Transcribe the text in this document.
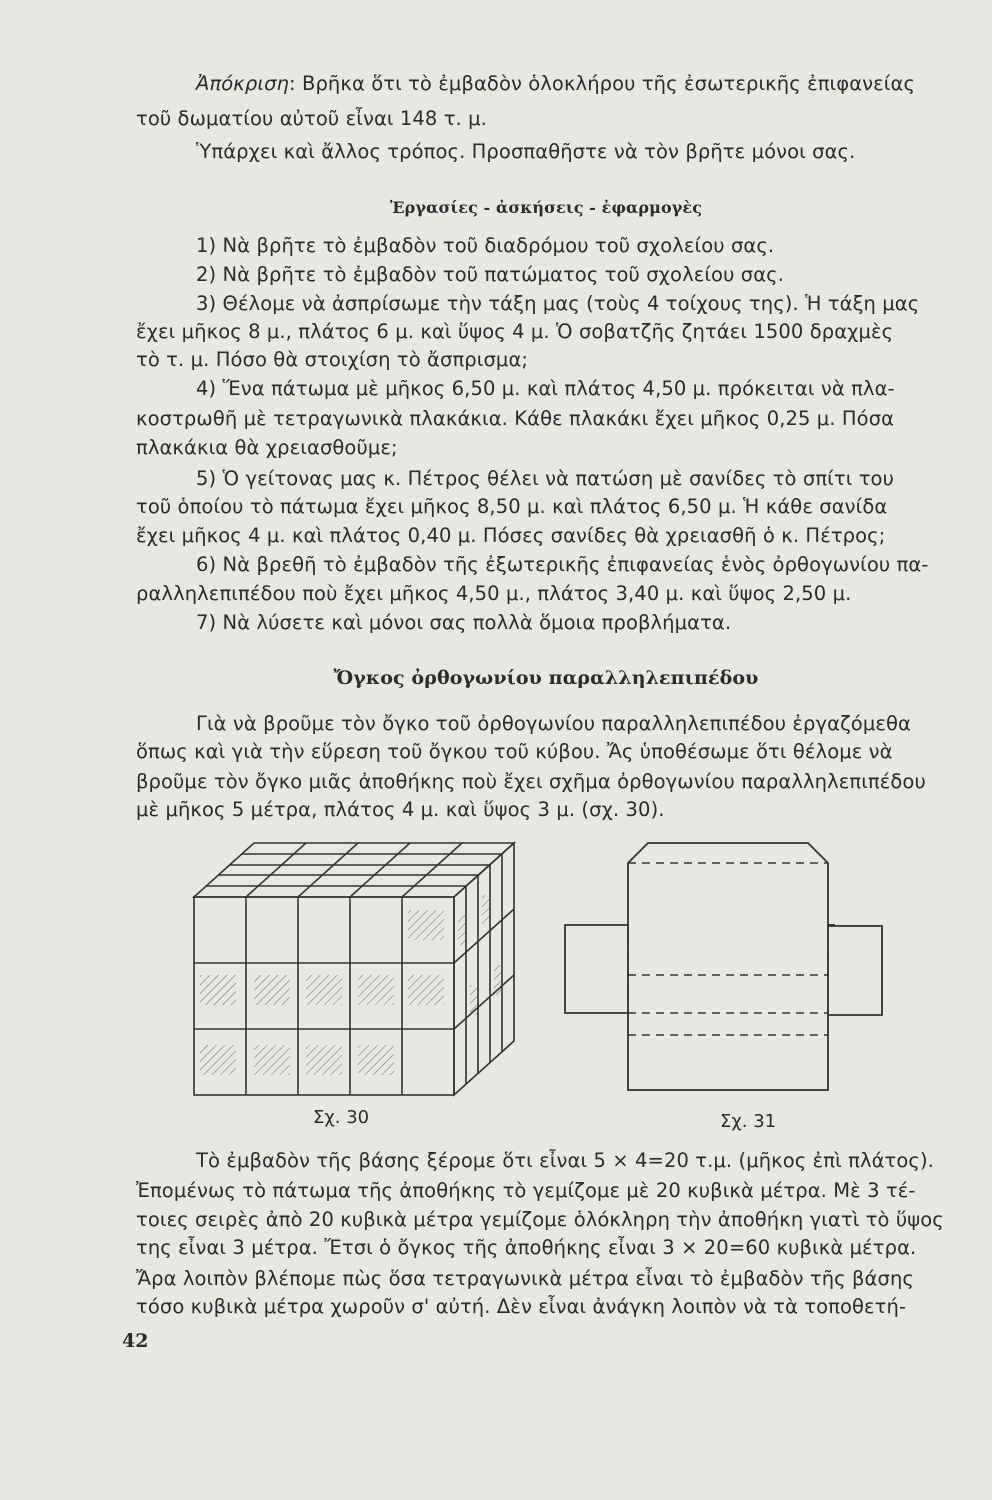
Ἀπόκριση: Βρῆκα ὅτι τὸ ἐμβαδὸν ὁλοκλήρου τῆς ἐσωτερικῆς ἐπιφανείας
τοῦ δωματίου αὐτοῦ εἶναι 148 τ. μ.
Ὑπάρχει καὶ ἄλλος τρόπος. Προσπαθῆστε νὰ τὸν βρῆτε μόνοι σας.
Ἐργασίες - ἀσκήσεις - ἐφαρμογὲς
1) Νὰ βρῆτε τὸ ἐμβαδὸν τοῦ διαδρόμου τοῦ σχολείου σας.
2) Νὰ βρῆτε τὸ ἐμβαδὸν τοῦ πατώματος τοῦ σχολείου σας.
3) Θέλομε νὰ ἀσπρίσωμε τὴν τάξη μας (τοὺς 4 τοίχους της). Ἡ τάξη μας
ἔχει μῆκος 8 μ., πλάτος 6 μ. καὶ ὕψος 4 μ. Ὁ σοβατζῆς ζητάει 1500 δραχμὲς
τὸ τ. μ. Πόσο θὰ στοιχίση τὸ ἄσπρισμα;
4) Ἕνα πάτωμα μὲ μῆκος 6,50 μ. καὶ πλάτος 4,50 μ. πρόκειται νὰ πλα-
κοστρωθῆ μὲ τετραγωνικὰ πλακάκια. Κάθε πλακάκι ἔχει μῆκος 0,25 μ. Πόσα
πλακάκια θὰ χρειασθοῦμε;
5) Ὁ γείτονας μας κ. Πέτρος θέλει νὰ πατώση μὲ σανίδες τὸ σπίτι του
τοῦ ὁποίου τὸ πάτωμα ἔχει μῆκος 8,50 μ. καὶ πλάτος 6,50 μ. Ἡ κάθε σανίδα
ἔχει μῆκος 4 μ. καὶ πλάτος 0,40 μ. Πόσες σανίδες θὰ χρειασθῆ ὁ κ. Πέτρος;
6) Νὰ βρεθῆ τὸ ἐμβαδὸν τῆς ἐξωτερικῆς ἐπιφανείας ἑνὸς ὀρθογωνίου πα-
ραλληλεπιπέδου ποὺ ἔχει μῆκος 4,50 μ., πλάτος 3,40 μ. καὶ ὕψος 2,50 μ.
7) Νὰ λύσετε καὶ μόνοι σας πολλὰ ὅμοια προβλήματα.
Ὄγκος ὀρθογωνίου παραλληλεπιπέδου
Γιὰ νὰ βροῦμε τὸν ὄγκο τοῦ ὀρθογωνίου παραλληλεπιπέδου ἐργαζόμεθα
ὅπως καὶ γιὰ τὴν εὕρεση τοῦ ὄγκου τοῦ κύβου. Ἄς ὑποθέσωμε ὅτι θέλομε νὰ
βροῦμε τὸν ὄγκο μιᾶς ἀποθήκης ποὺ ἔχει σχῆμα ὀρθογωνίου παραλληλεπιπέδου
μὲ μῆκος 5 μέτρα, πλάτος 4 μ. καὶ ὕψος 3 μ. (σχ. 30).
Σχ. 30	Σχ. 31
Τὸ ἐμβαδὸν τῆς βάσης ξέρομε ὅτι εἶναι 5 × 4=20 τ.μ. (μῆκος ἐπὶ πλάτος).
Ἐπομένως τὸ πάτωμα τῆς ἀποθήκης τὸ γεμίζομε μὲ 20 κυβικὰ μέτρα. Μὲ 3 τέ-
τοιες σειρὲς ἀπὸ 20 κυβικὰ μέτρα γεμίζομε ὁλόκληρη τὴν ἀποθήκη γιατὶ τὸ ὕψος
της εἶναι 3 μέτρα. Ἔτσι ὁ ὄγκος τῆς ἀποθήκης εἶναι 3 × 20=60 κυβικὰ μέτρα.
Ἄρα λοιπὸν βλέπομε πὼς ὅσα τετραγωνικὰ μέτρα εἶναι τὸ ἐμβαδὸν τῆς βάσης
τόσο κυβικὰ μέτρα χωροῦν σ' αὐτή. Δὲν εἶναι ἀνάγκη λοιπὸν νὰ τὰ τοποθετή-
42
